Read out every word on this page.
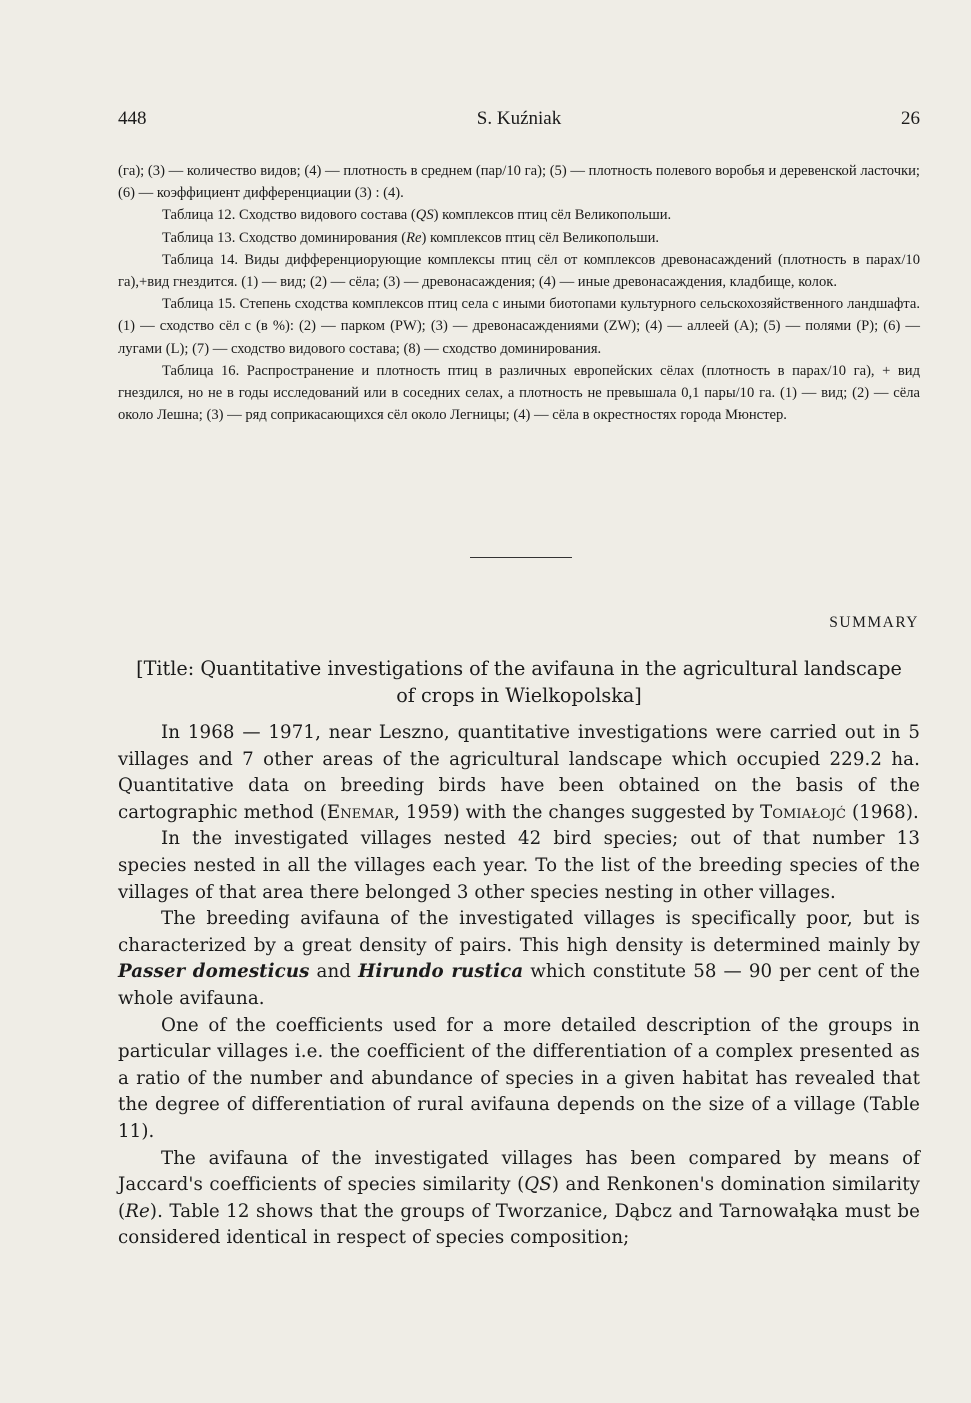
448	S. Kuźniak	26

(га); (3) — количество видов; (4) — плотность в среднем (пар/10 га); (5) — плотность полевого воробья и деревенской ласточки; (6) — коэффициент дифференциации (3) : (4).

Таблица 12. Сходство видового состава (QS) комплексов птиц сёл Великопольши.

Таблица 13. Сходство доминирования (Re) комплексов птиц сёл Великопольши.

Таблица 14. Виды дифференциорующие комплексы птиц сёл от комплексов древонасаждений (плотность в парах/10 га),+вид гнездится. (1) — вид; (2) — сёла; (3) — древонасаждения; (4) — иные древонасаждения, кладбище, колок.

Таблица 15. Степень сходства комплексов птиц села с иными биотопами культурного сельскохозяйственного ландшафта. (1) — сходство сёл с (в %): (2) — парком (PW); (3) — древонасаждениями (ZW); (4) — аллеей (A); (5) — полями (P); (6) — лугами (L); (7) — сходство видового состава; (8) — сходство доминирования.

Таблица 16. Распространение и плотность птиц в различных европейских сёлах (плотность в парах/10 га), + вид гнездился, но не в годы исследований или в соседних селах, а плотность не превышала 0,1 пары/10 га. (1) — вид; (2) — сёла около Лешна; (3) — ряд соприкасающихся сёл около Легницы; (4) — сёла в окрестностях города Мюнстер.

SUMMARY
[Title: Quantitative investigations of the avifauna in the agricultural landscape
of crops in Wielkopolska]

In 1968 — 1971, near Leszno, quantitative investigations were carried out in 5 villages and 7 other areas of the agricultural landscape which occupied 229.2 ha. Quantitative data on breeding birds have been obtained on the basis of the cartographic method (Enemar, 1959) with the changes suggested by Tomiałojć (1968).

In the investigated villages nested 42 bird species; out of that number 13 species nested in all the villages each year. To the list of the breeding species of the villages of that area there belonged 3 other species nesting in other villages.

The breeding avifauna of the investigated villages is specifically poor, but is characterized by a great density of pairs. This high density is determined mainly by Passer domesticus and Hirundo rustica which constitute 58 — 90 per cent of the whole avifauna.

One of the coefficients used for a more detailed description of the groups in particular villages i.e. the coefficient of the differentiation of a complex presented as a ratio of the number and abundance of species in a given habitat has revealed that the degree of differentiation of rural avifauna depends on the size of a village (Table 11).

The avifauna of the investigated villages has been compared by means of Jaccard's coefficients of species similarity (QS) and Renkonen's domination similarity (Re). Table 12 shows that the groups of Tworzanice, Dąbcz and Tarnowałąka must be considered identical in respect of species composition;
